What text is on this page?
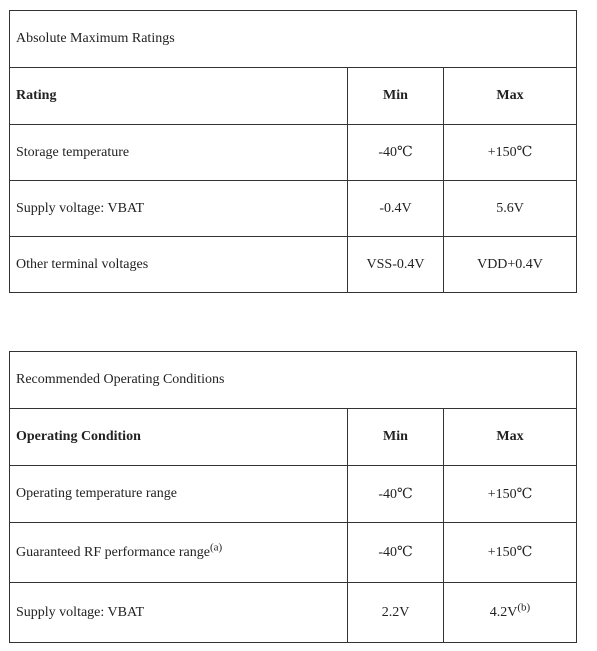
Absolute Maximum Ratings		
Rating	Min	Max
Storage temperature	-40℃	+150℃
Supply voltage: VBAT	-0.4V	5.6V
Other terminal voltages	VSS-0.4V	VDD+0.4V
Recommended Operating Conditions		
Operating Condition	Min	Max
Operating temperature range	-40℃	+150℃
Guaranteed RF performance range$^{(a)}$	-40℃	+150℃
Supply voltage: VBAT	2.2V	$4.2V^{(b)}$
